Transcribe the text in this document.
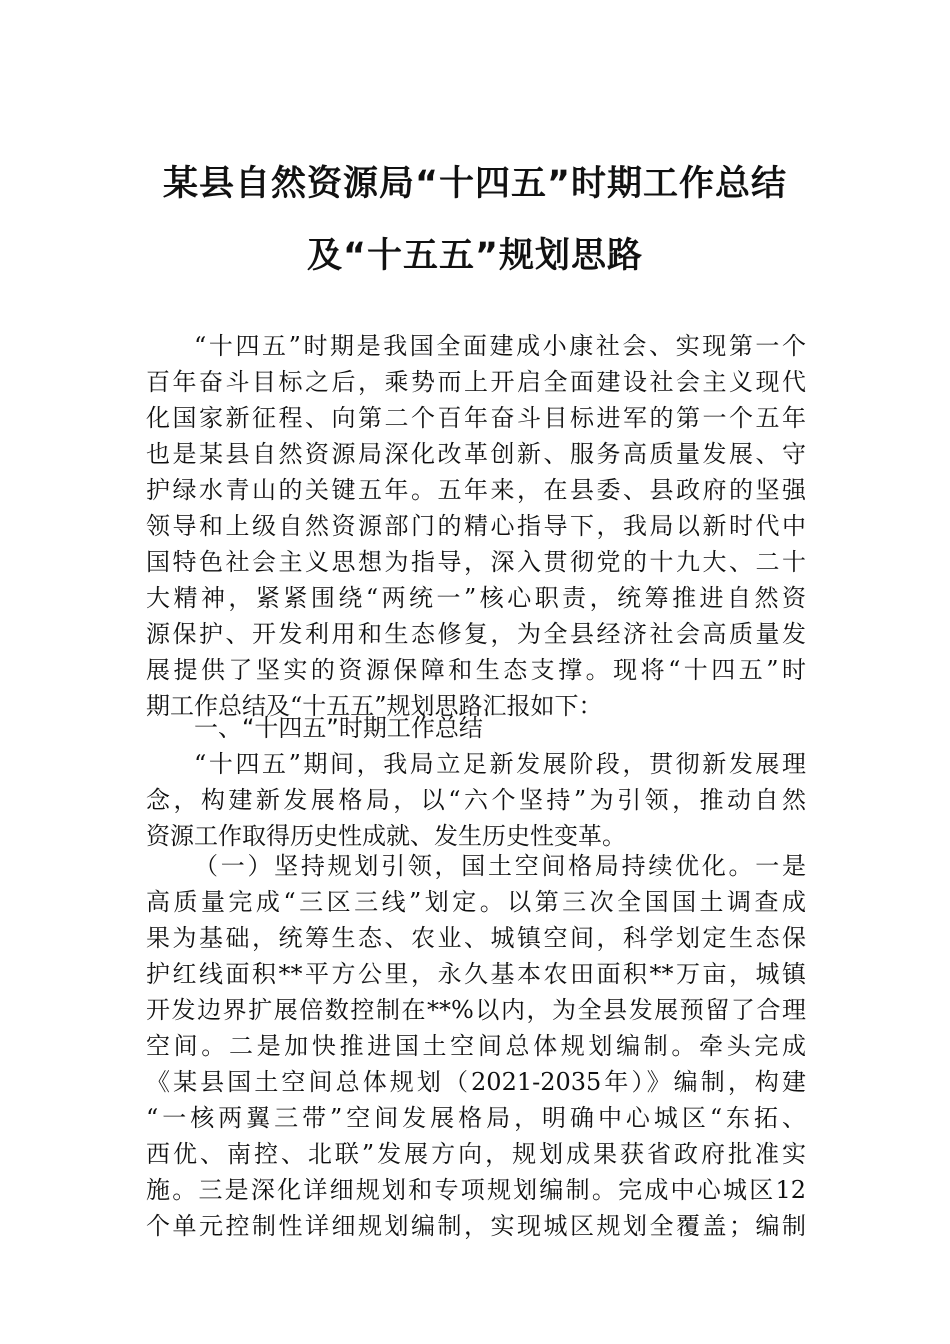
某县自然资源局“十四五”时期工作总结
及“十五五”规划思路
“十四五”时期是我国全面建成小康社会、实现第一个
百年奋斗目标之后，乘势而上开启全面建设社会主义现代
化国家新征程、向第二个百年奋斗目标进军的第一个五年
也是某县自然资源局深化改革创新、服务高质量发展、守
护绿水青山的关键五年。五年来，在县委、县政府的坚强
领导和上级自然资源部门的精心指导下，我局以新时代中
国特色社会主义思想为指导，深入贯彻党的十九大、二十
大精神，紧紧围绕“两统一”核心职责，统筹推进自然资
源保护、开发利用和生态修复，为全县经济社会高质量发
展提供了坚实的资源保障和生态支撑。现将“十四五”时
期工作总结及“十五五”规划思路汇报如下：
一、“十四五”时期工作总结
“十四五”期间，我局立足新发展阶段，贯彻新发展理
念，构建新发展格局，以“六个坚持”为引领，推动自然
资源工作取得历史性成就、发生历史性变革。
（一）坚持规划引领，国土空间格局持续优化。一是
高质量完成“三区三线”划定。以第三次全国国土调查成
果为基础，统筹生态、农业、城镇空间，科学划定生态保
护红线面积**平方公里，永久基本农田面积**万亩，城镇
开发边界扩展倍数控制在**%以内，为全县发展预留了合理
空间。二是加快推进国土空间总体规划编制。牵头完成
《某县国土空间总体规划（2021-2035年）》编制，构建
“一核两翼三带”空间发展格局，明确中心城区“东拓、
西优、南控、北联”发展方向，规划成果获省政府批准实
施。三是深化详细规划和专项规划编制。完成中心城区12
个单元控制性详细规划编制，实现城区规划全覆盖；编制
